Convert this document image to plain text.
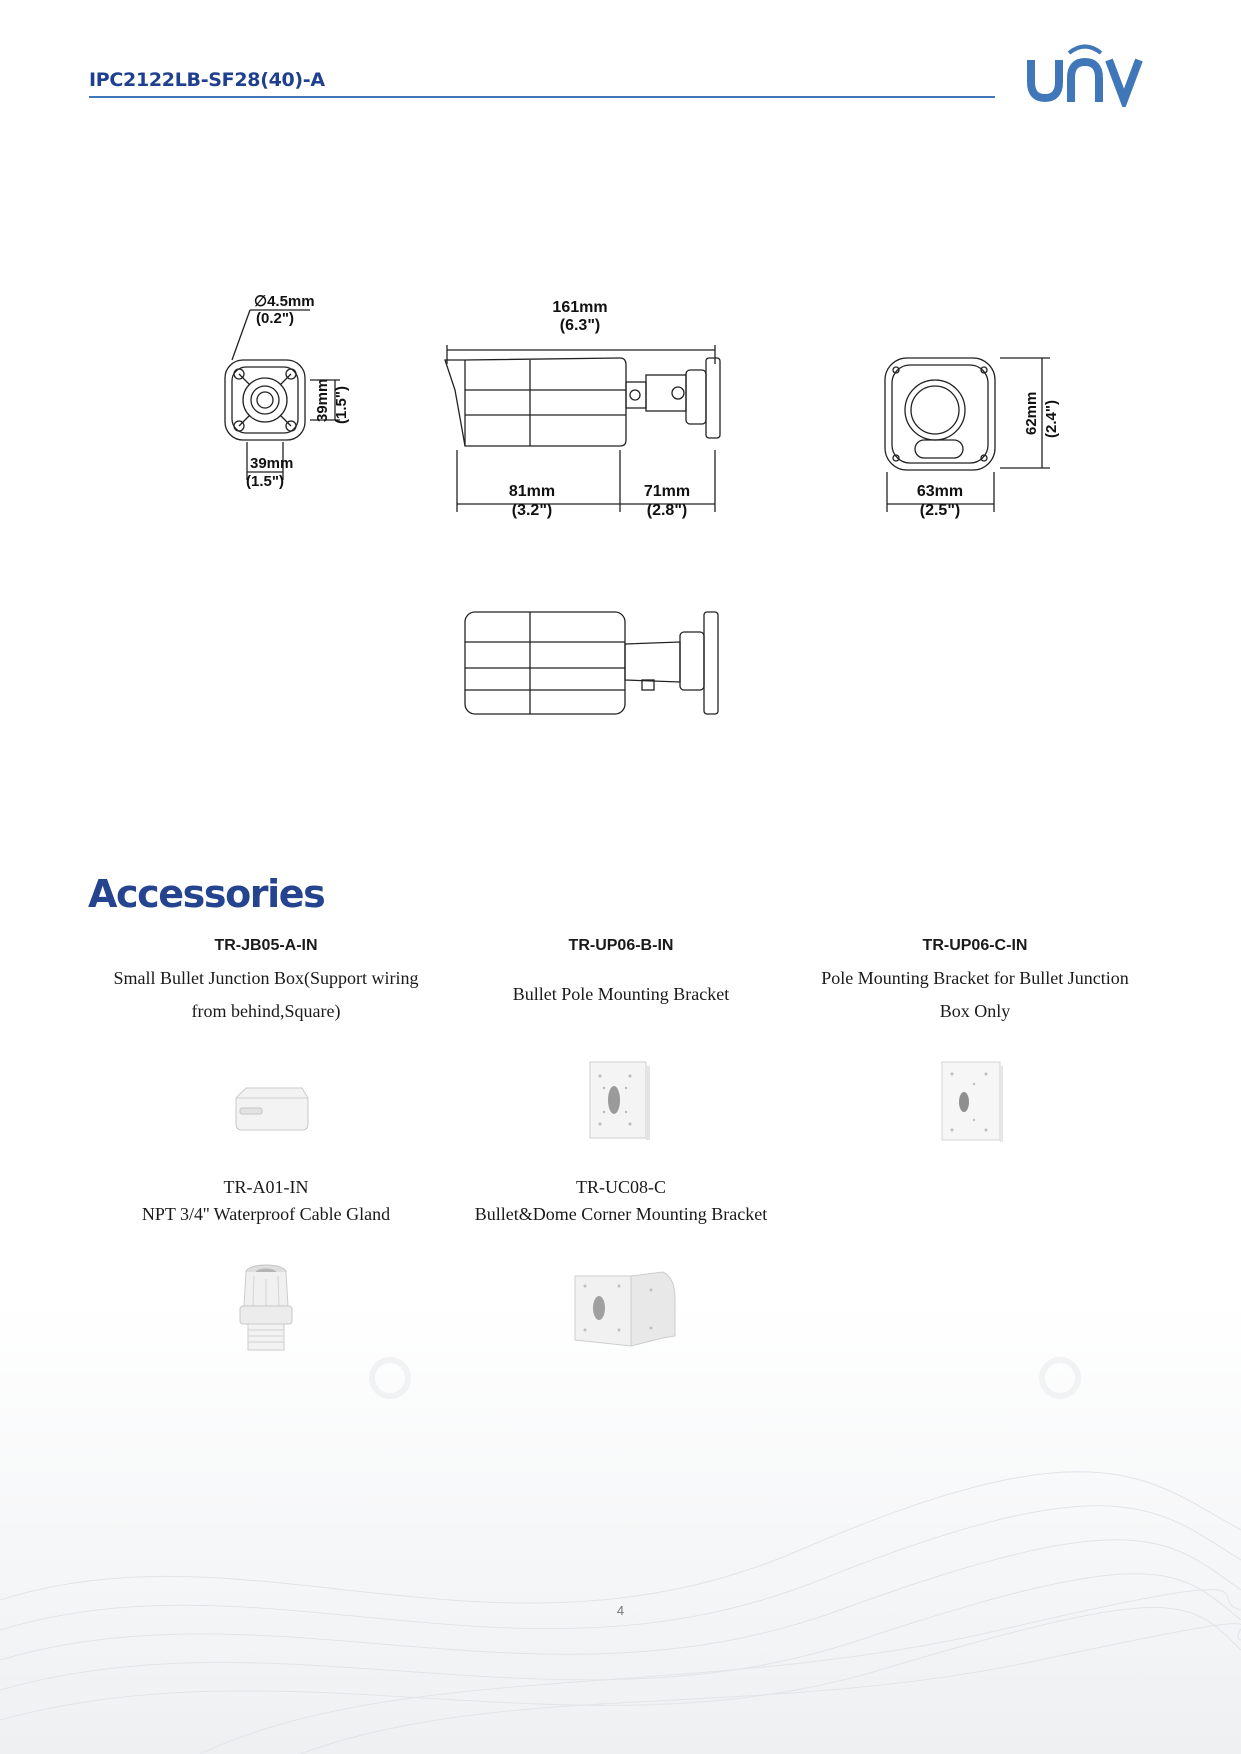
IPC2122LB-SF28(40)-A
∅4.5mm
(0.2")
39mm
(1.5")
39mm (1.5")
161mm
(6.3")
81mm
(3.2")
71mm
(2.8")
62mm (2.4")
63mm
(2.5")
Accessories
TR-JB05-A-IN
Small Bullet Junction Box(Support wiring
from behind,Square)
TR-UP06-B-IN
Bullet Pole Mounting Bracket
TR-UP06-C-IN
Pole Mounting Bracket for Bullet Junction
Box Only
TR-A01-IN
NPT 3/4'' Waterproof Cable Gland
TR-UC08-C
Bullet&Dome Corner Mounting Bracket
4
